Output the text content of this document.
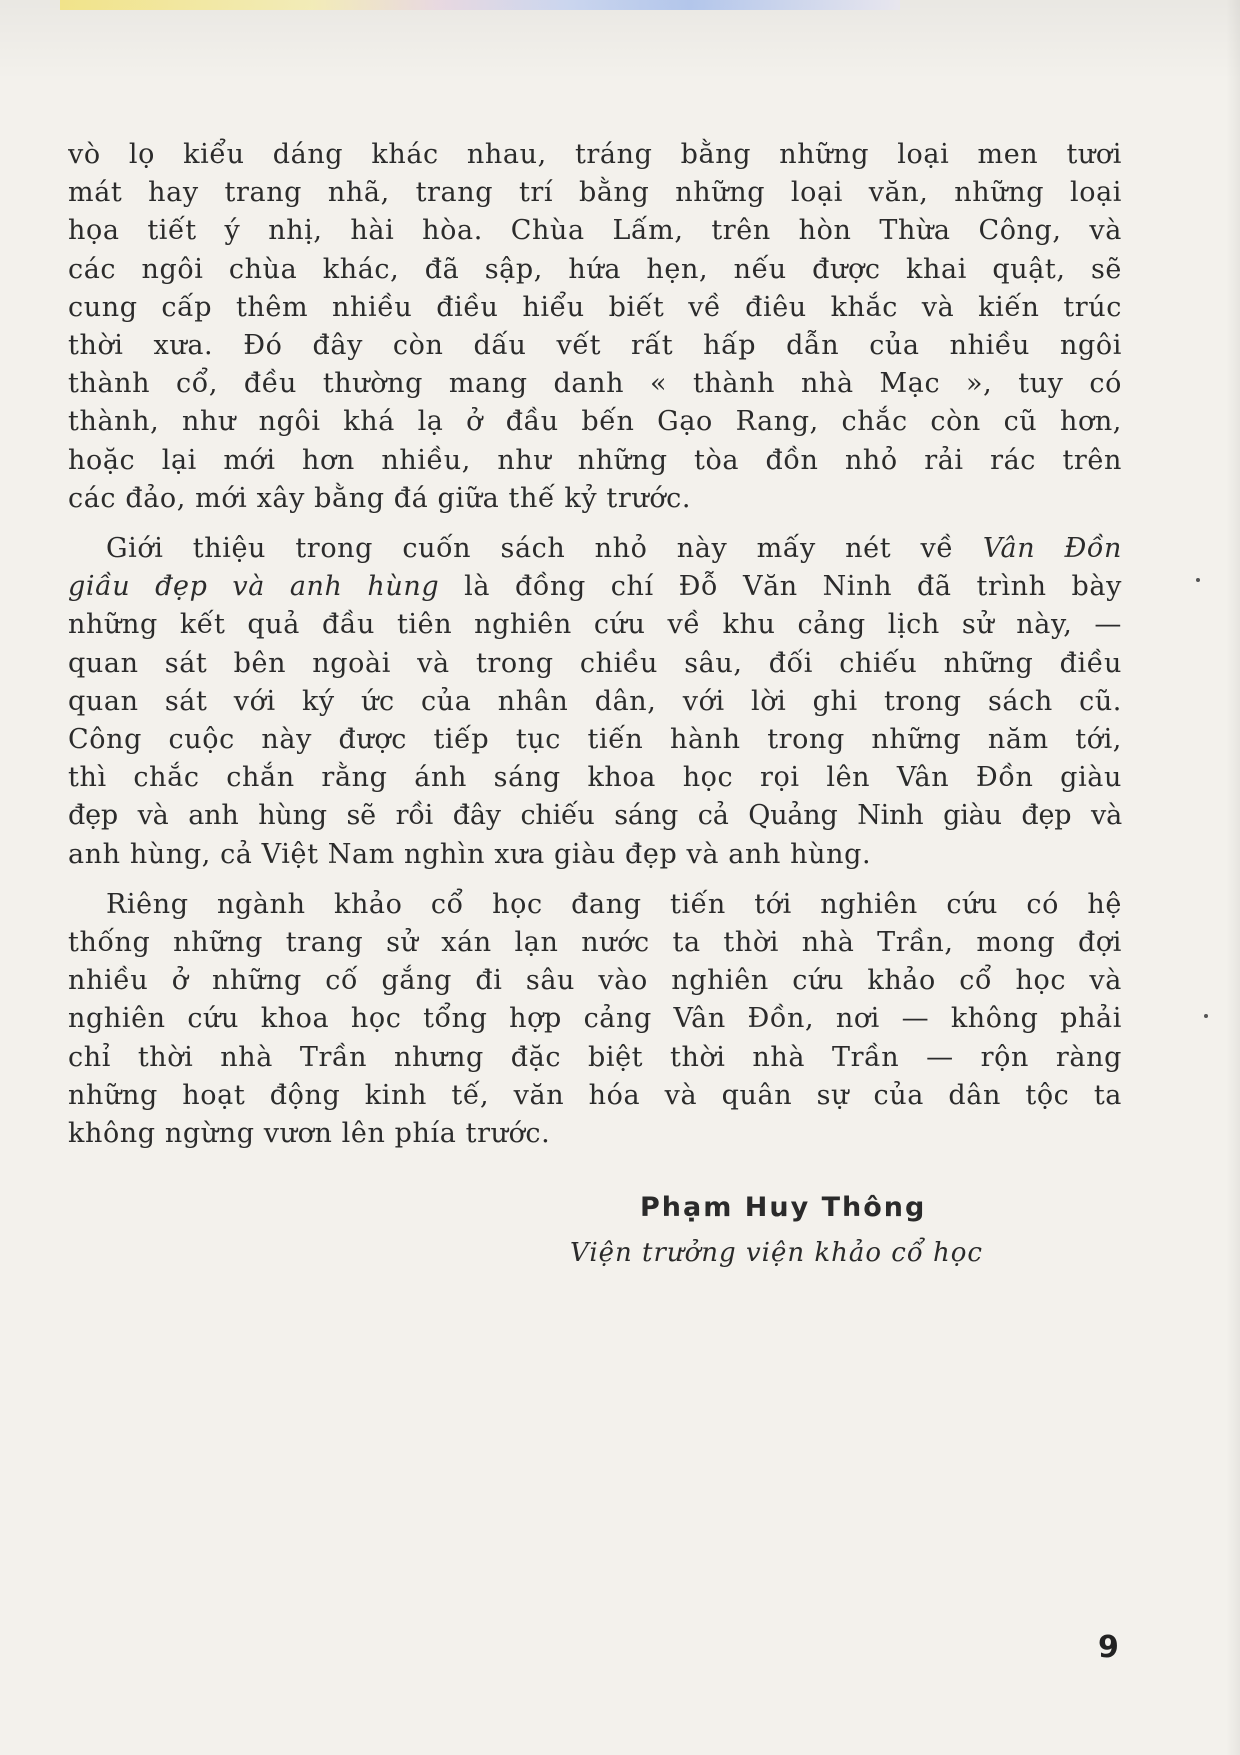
vò lọ kiểu dáng khác nhau, tráng bằng những loại men tươi
mát hay trang nhã, trang trí bằng những loại văn, những loại
họa tiết ý nhị, hài hòa. Chùa Lấm, trên hòn Thừa Công, và
các ngôi chùa khác, đã sập, hứa hẹn, nếu được khai quật, sẽ
cung cấp thêm nhiều điều hiểu biết về điêu khắc và kiến trúc
thời xưa. Đó đây còn dấu vết rất hấp dẫn của nhiều ngôi
thành cổ, đều thường mang danh « thành nhà Mạc », tuy có
thành, như ngôi khá lạ ở đầu bến Gạo Rang, chắc còn cũ hơn,
hoặc lại mới hơn nhiều, như những tòa đồn nhỏ rải rác trên
các đảo, mới xây bằng đá giữa thế kỷ trước.
Giới thiệu trong cuốn sách nhỏ này mấy nét về Vân Đồn
giầu đẹp và anh hùng là đồng chí Đỗ Văn Ninh đã trình bày
những kết quả đầu tiên nghiên cứu về khu cảng lịch sử này, —
quan sát bên ngoài và trong chiều sâu, đối chiếu những điều
quan sát với ký ức của nhân dân, với lời ghi trong sách cũ.
Công cuộc này được tiếp tục tiến hành trong những năm tới,
thì chắc chắn rằng ánh sáng khoa học rọi lên Vân Đồn giàu
đẹp và anh hùng sẽ rồi đây chiếu sáng cả Quảng Ninh giàu đẹp và
anh hùng, cả Việt Nam nghìn xưa giàu đẹp và anh hùng.
Riêng ngành khảo cổ học đang tiến tới nghiên cứu có hệ
thống những trang sử xán lạn nước ta thời nhà Trần, mong đợi
nhiều ở những cố gắng đi sâu vào nghiên cứu khảo cổ học và
nghiên cứu khoa học tổng hợp cảng Vân Đồn, nơi — không phải
chỉ thời nhà Trần nhưng đặc biệt thời nhà Trần — rộn ràng
những hoạt động kinh tế, văn hóa và quân sự của dân tộc ta
không ngừng vươn lên phía trước.
Phạm Huy Thông
Viện trưởng viện khảo cổ học
9
